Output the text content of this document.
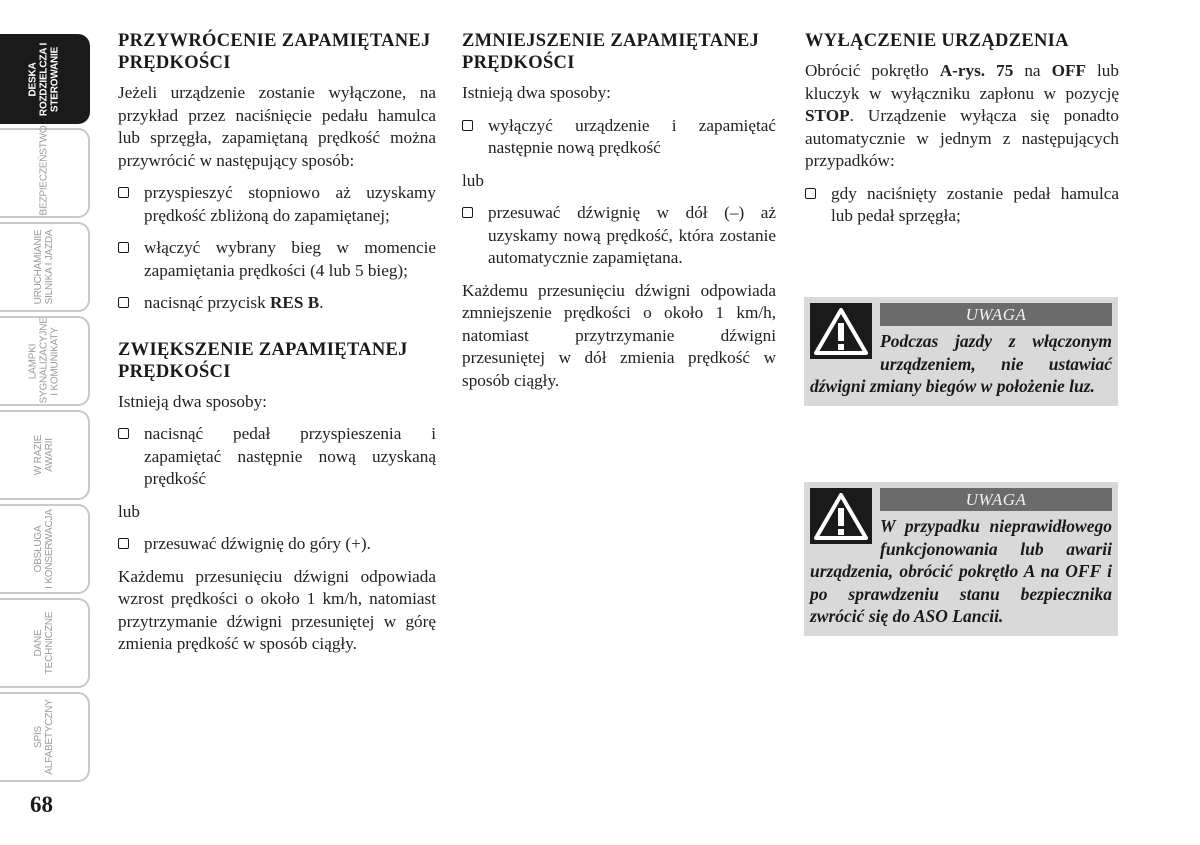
DESKA
ROZDZIELCZA I
STEROWANIE
BEZPIECZEŃSTWO
URUCHAMIANIE
SILNIKA I JAZDA
LAMPKI
SYGNALIZACYJNE
I KOMUNIKATY
W RAZIE
AWARII
OBSŁUGA
I KONSERWACJA
DANE
TECHNICZNE
SPIS
ALFABETYCZNY
68
PRZYWRÓCENIE ZAPAMIĘTANEJ PRĘDKOŚCI

Jeżeli urządzenie zostanie wyłączone, na przykład przez naciśnięcie pedału hamulca lub sprzęgła, zapamiętaną prędkość można przywrócić w następujący sposób:

przyspieszyć stopniowo aż uzyskamy prędkość zbliżoną do zapamiętanej;
włączyć wybrany bieg w momencie zapamiętania prędkości (4 lub 5 bieg);
nacisnąć przycisk RES B.
ZWIĘKSZENIE ZAPAMIĘTANEJ PRĘDKOŚCI

Istnieją dwa sposoby:

nacisnąć pedał przyspieszenia i zapamiętać następnie nową uzyskaną prędkość

lub

przesuwać dźwignię do góry (+).

Każdemu przesunięciu dźwigni odpowiada wzrost prędkości o około 1 km/h, natomiast przytrzymanie dźwigni przesuniętej w górę zmienia prędkość w sposób ciągły.

ZMNIEJSZENIE ZAPAMIĘTANEJ PRĘDKOŚCI

Istnieją dwa sposoby:

wyłączyć urządzenie i zapamiętać następnie nową prędkość

lub

przesuwać dźwignię w dół (–) aż uzyskamy nową prędkość, która zostanie automatycznie zapamiętana.

Każdemu przesunięciu dźwigni odpowiada zmniejszenie prędkości o około 1 km/h, natomiast przytrzymanie dźwigni przesuniętej w dół zmienia prędkość w sposób ciągły.

WYŁĄCZENIE URZĄDZENIA

Obrócić pokrętło A-rys. 75 na OFF lub kluczyk w wyłączniku zapłonu w pozycję STOP. Urządzenie wyłącza się ponadto automatycznie w jednym z następujących przypadków:

gdy naciśnięty zostanie pedał hamulca lub pedał sprzęgła;
UWAGA

Podczas jazdy z włączonym urządzeniem, nie ustawiać dźwigni zmiany biegów w położenie luz.

UWAGA

W przypadku nieprawidłowego funkcjonowania lub awarii urządzenia, obrócić pokrętło A na OFF i po sprawdzeniu stanu bezpiecznika zwrócić się do ASO Lancii.
